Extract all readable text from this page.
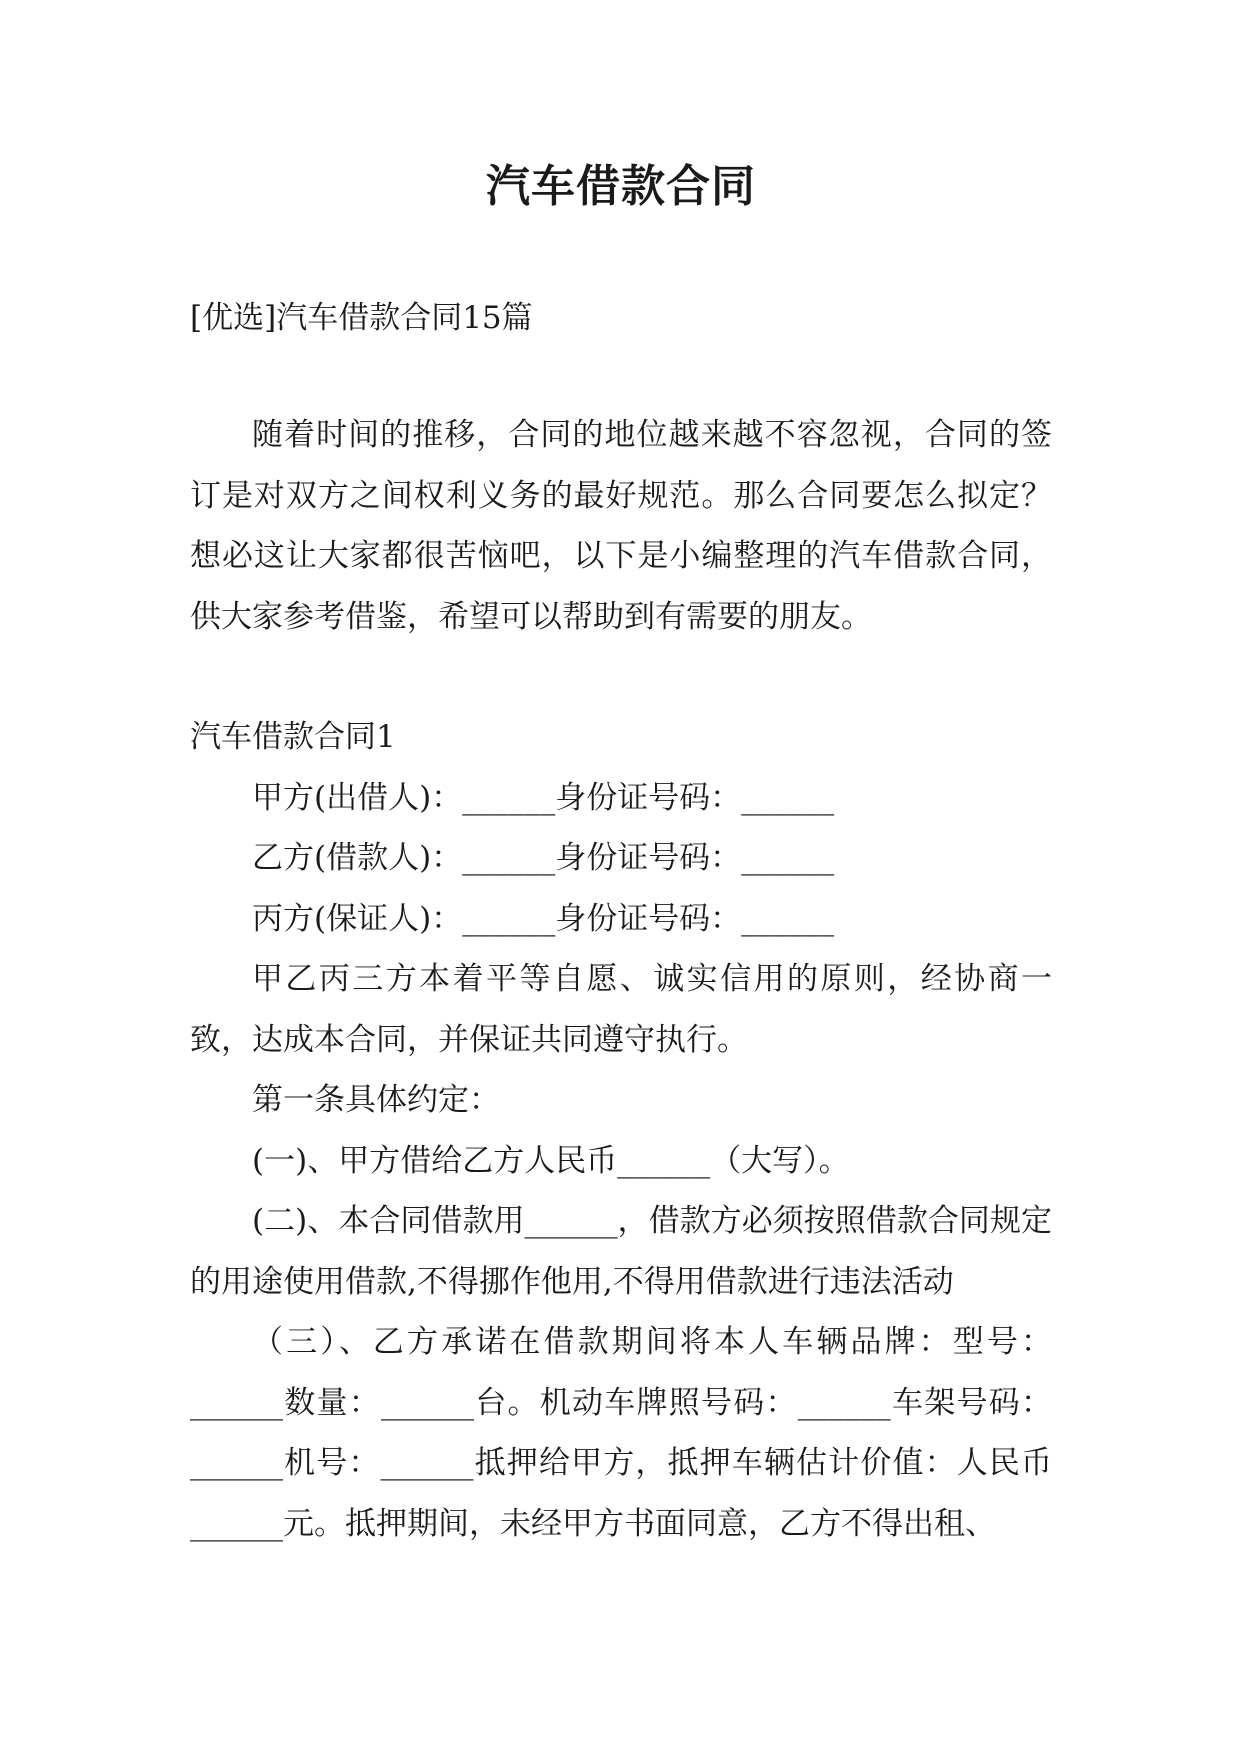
汽车借款合同

[优选]汽车借款合同15篇

随着时间的推移，合同的地位越来越不容忽视，合同的签订是对双方之间权利义务的最好规范。那么合同要怎么拟定？想必这让大家都很苦恼吧，以下是小编整理的汽车借款合同，供大家参考借鉴，希望可以帮助到有需要的朋友。

汽车借款合同1

甲方(出借人)：______身份证号码：______

乙方(借款人)：______身份证号码：______

丙方(保证人)：______身份证号码：______

甲乙丙三方本着平等自愿、诚实信用的原则，经协商一致，达成本合同，并保证共同遵守执行。

第一条具体约定：

(一)、甲方借给乙方人民币______（大写）。

(二)、本合同借款用______，借款方必须按照借款合同规定的用途使用借款,不得挪作他用,不得用借款进行违法活动

（三）、乙方承诺在借款期间将本人车辆品牌：型号：______数量：______台。机动车牌照号码：______车架号码：______机号：______抵押给甲方，抵押车辆估计价值：人民币______元。抵押期间，未经甲方书面同意，乙方不得出租、
